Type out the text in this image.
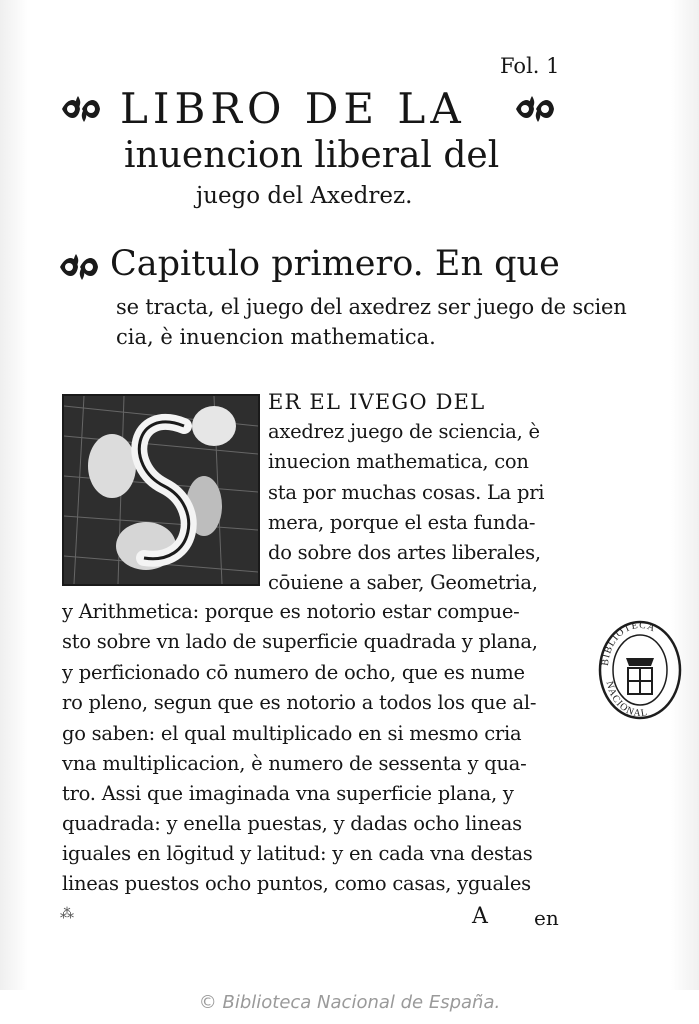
Fol. 1
LIBRO DE LA
inuencion liberal del
juego del Axedrez.
Capitulo primero. En que
se tracta, el juego del axedrez ser juego de scien
cia, è inuencion mathematica.
ER EL IVEGO DEL
axedrez juego de sciencia, è
inuecion mathematica, con
sta por muchas cosas. La pri
mera, porque el esta funda-
do sobre dos artes liberales,
cōuiene a saber, Geometria,
y Arithmetica: porque es notorio estar compue-
sto sobre vn lado de superficie quadrada y plana,
y perficionado cō numero de ocho, que es nume
ro pleno, segun que es notorio a todos los que al-
go saben: el qual multiplicado en si mesmo cria
vna multiplicacion, è numero de sessenta y qua-
tro. Assi que imaginada vna superficie plana, y
quadrada: y enella puestas, y dadas ocho lineas
iguales en lōgitud y latitud: y en cada vna destas
lineas puestos ocho puntos, como casas, yguales
⁂	A en
BIBLIOTECA
NACIONAL
© Biblioteca Nacional de España.
